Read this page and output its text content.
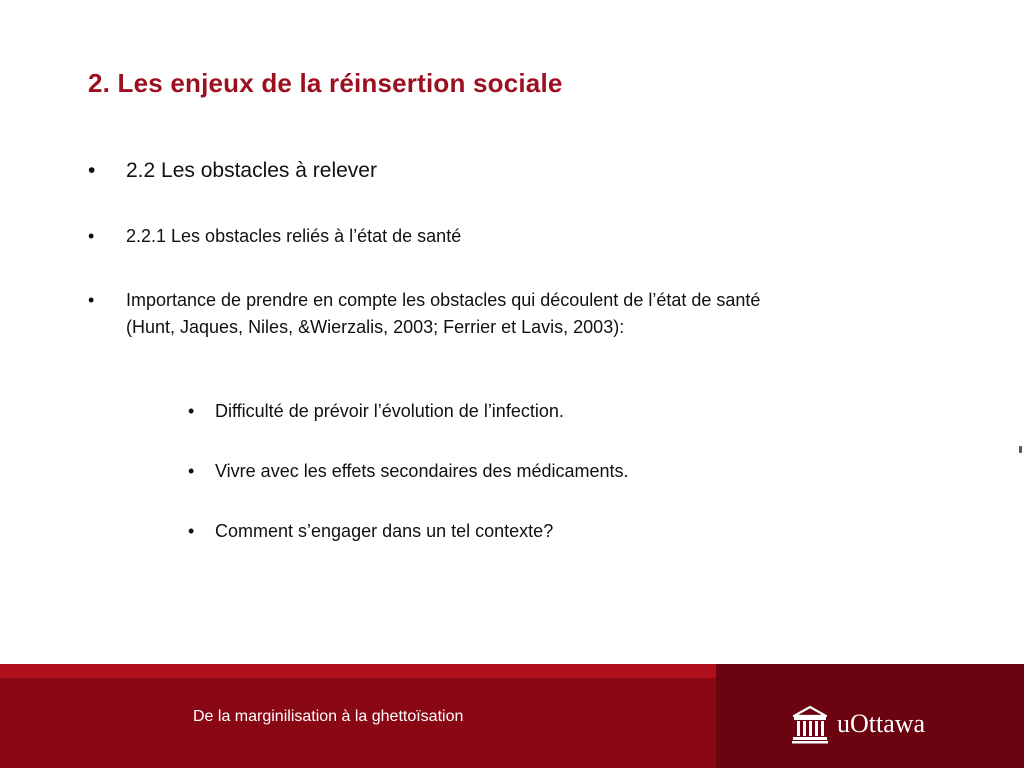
2. Les enjeux de la réinsertion sociale
• 2.2 Les obstacles à relever
• 2.2.1 Les obstacles reliés à l’état de santé
• Importance de prendre en compte les obstacles qui découlent de l’état de santé
(Hunt, Jaques, Niles, &Wierzalis, 2003; Ferrier et Lavis, 2003):
• Difficulté de prévoir l’évolution de l’infection.
• Vivre avec les effets secondaires des médicaments.
• Comment s’engager dans un tel contexte?
De la marginilisation à la ghettoïsation	uOttawa
